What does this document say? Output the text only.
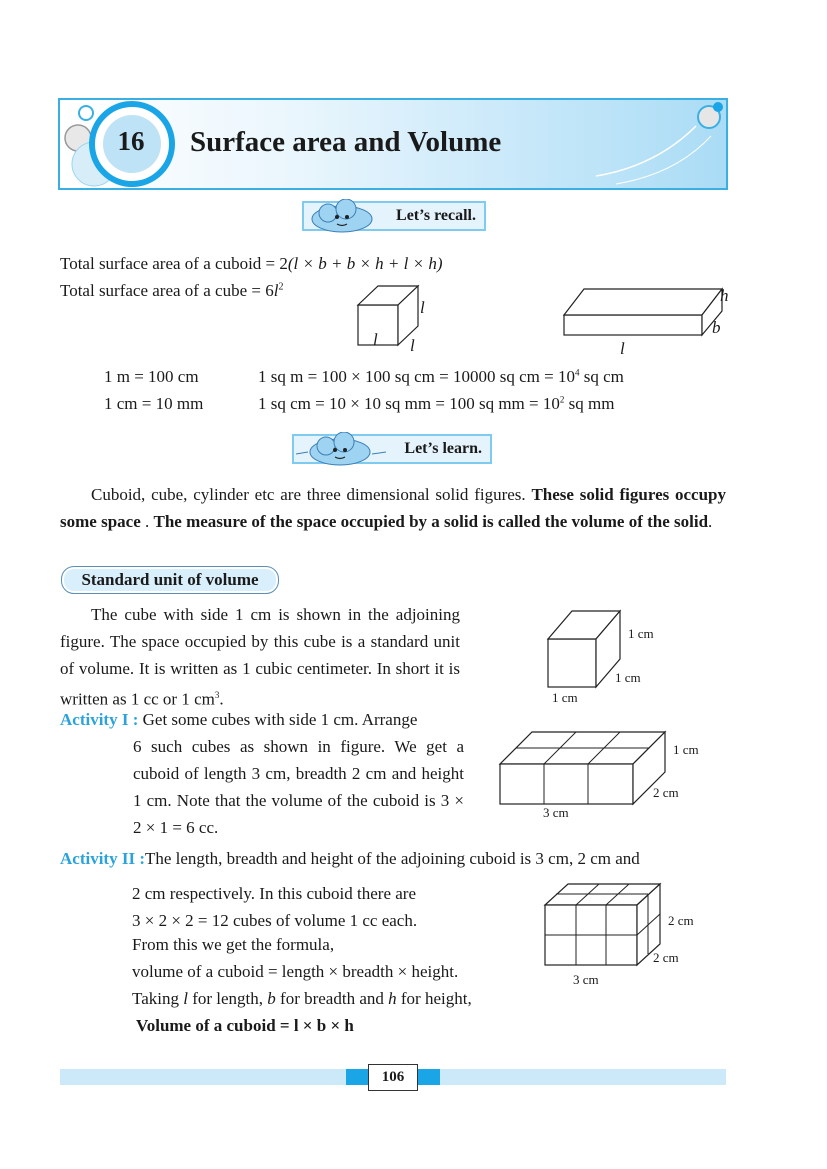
16	Surface area and Volume
Let’s recall.
Total surface area of a cuboid = 2(l × b + b × h + l × h)
Total surface area of a cube = $6l^2$
l
l l
h
b
l
1 m = 100 cm	1 sq m = 100 × 100 sq cm = 10000 sq cm = $10^4$ sq cm
1 cm = 10 mm	1 sq cm = 10 × 10 sq mm = 100 sq mm = $10^2$ sq mm
Let’s learn.
Cuboid, cube, cylinder etc are three dimensional solid figures. These solid figures occupy some space . The measure of the space occupied by a solid is called the volume of the solid.
Standard unit of volume
The cube with side 1 cm is shown in the adjoining figure. The space occupied by this cube is a standard unit of volume. It is written as 1 cubic centimeter. In short it is written as 1 cc or 1 $cm^3$.
1 cm
1 cm
1 cm
Activity I : Get some cubes with side 1 cm. Arrange
6 such cubes as shown in figure. We get a cuboid of length 3 cm, breadth 2 cm and height 1 cm. Note that the volume of the cuboid is 3 × 2 × 1 = 6 cc.
1 cm
2 cm
3 cm
Activity II :The length, breadth and height of the adjoining cuboid is 3 cm, 2 cm and
2 cm respectively. In this cuboid there are
3 × 2 × 2 = 12 cubes of volume 1 cc each.
From this we get the formula,
volume of a cuboid = length × breadth × height.
Taking l for length, b for breadth and h for height,
Volume of a cuboid = l × b × h
2 cm
2 cm
3 cm
106
